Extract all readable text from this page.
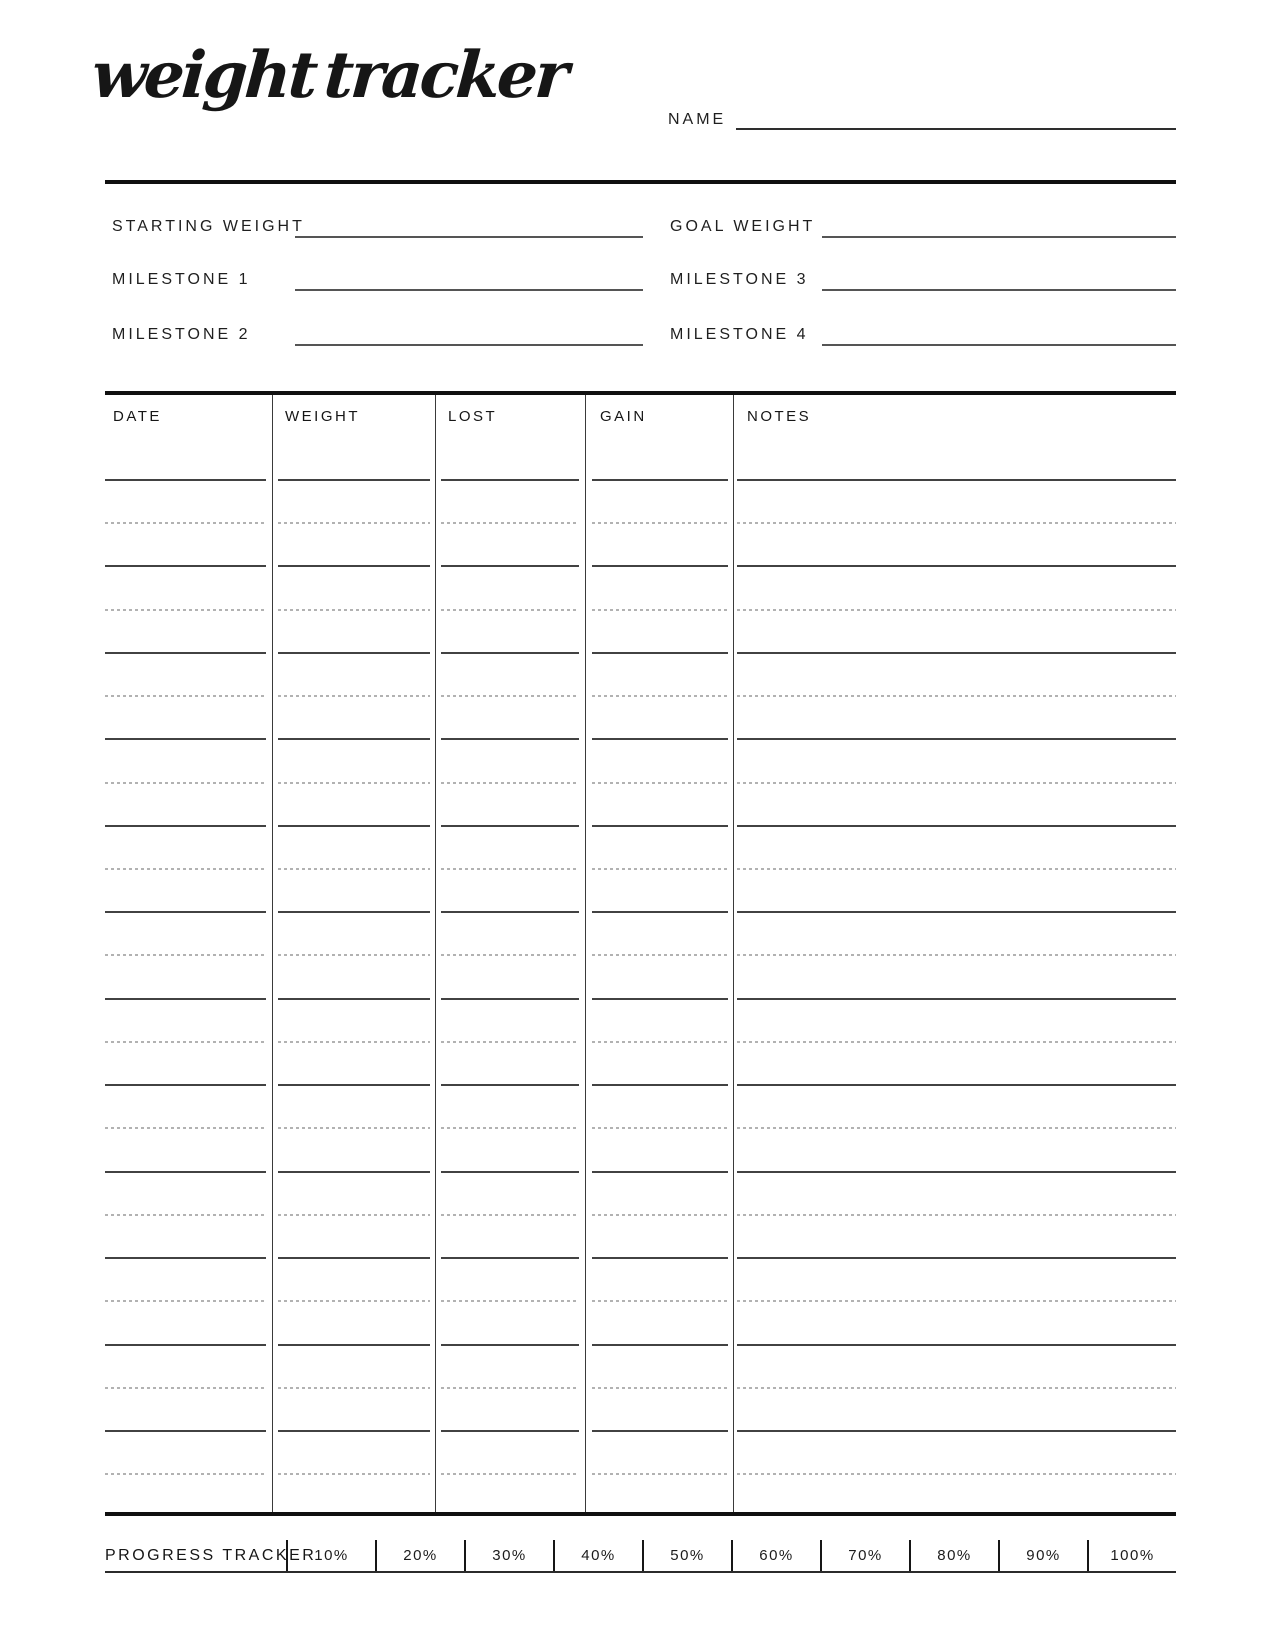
weight tracker
NAME
STARTING WEIGHT	GOAL WEIGHT
MILESTONE 1	MILESTONE 3
MILESTONE 2	MILESTONE 4
DATE	WEIGHT	LOST	GAIN	NOTES
PROGRESS TRACKER
10%	20%	30%	40%	50%	60%	70%	80%	90%	100%
